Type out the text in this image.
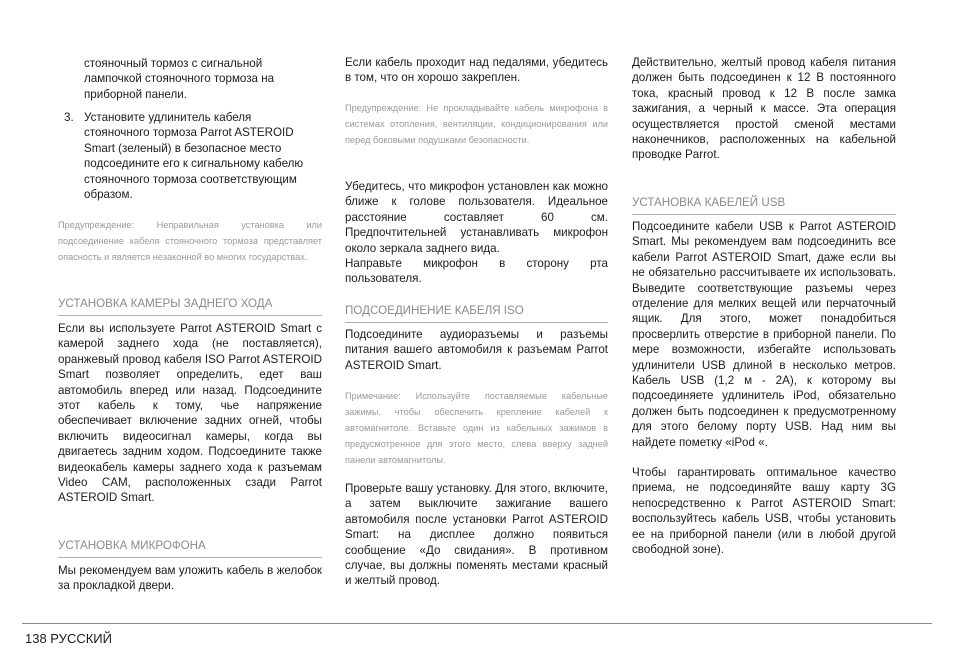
стояночный тормоз с сигнальной лампочкой стояночного тормоза на приборной панели.

3. Установите удлинитель кабеля стояночного тормоза Parrot ASTEROID Smart (зеленый) в безопасное место подсоедините его к сигнальному кабелю стояночного тормоза соответствующим образом.

Предупреждение: Неправильная установка или подсоединение кабеля стояночного тормоза представляет опасность и является незаконной во многих государствах.

УСТАНОВКА КАМЕРЫ ЗАДНЕГО ХОДА

Если вы используете Parrot ASTEROID Smart с камерой заднего хода (не поставляется), оранжевый провод кабеля ISO Parrot ASTEROID Smart позволяет определить, едет ваш автомобиль вперед или назад. Подсоедините этот кабель к тому, чье напряжение обеспечивает включение задних огней, чтобы включить видеосигнал камеры, когда вы двигаетесь задним ходом. Подсоедините также видеокабель камеры заднего хода к разъемам Video CAM, расположенных сзади Parrot ASTEROID Smart.

УСТАНОВКА МИКРОФОНА

Мы рекомендуем вам уложить кабель в желобок за прокладкой двери.

Если кабель проходит над педалями, убедитесь в том, что он хорошо закреплен.

Предупреждение: Не прокладывайте кабель микрофона в системах отопления, вентиляции, кондиционирования или перед боковыми подушками безопасности.

Убедитесь, что микрофон установлен как можно ближе к голове пользователя. Идеальное расстояние составляет 60 см. Предпочтительней устанавливать микрофон около зеркала заднего вида.

Направьте микрофон в сторону рта пользователя.

ПОДСОЕДИНЕНИЕ КАБЕЛЯ ISO

Подсоедините аудиоразъемы и разъемы питания вашего автомобиля к разъемам Parrot ASTEROID Smart.

Примечание: Используйте поставляемые кабельные зажимы, чтобы обеспечить крепление кабелей к автомагнитоле. Вставьте один из кабельных зажимов в предусмотренное для этого место, слева вверху задней панели автомагнитолы.

Проверьте вашу установку. Для этого, включите, а затем выключите зажигание вашего автомобиля после установки Parrot ASTEROID Smart: на дисплее должно появиться сообщение «До свидания». В противном случае, вы должны поменять местами красный и желтый провод.

Действительно, желтый провод кабеля питания должен быть подсоединен к 12 В постоянного тока, красный провод к 12 В после замка зажигания, а черный к массе. Эта операция осуществляется простой сменой местами наконечников, расположенных на кабельной проводке Parrot.

УСТАНОВКА КАБЕЛЕЙ USB

Подсоедините кабели USB к Parrot ASTEROID Smart. Мы рекомендуем вам подсоединить все кабели Parrot ASTEROID Smart, даже если вы не обязательно рассчитываете их использовать. Выведите соответствующие разъемы через отделение для мелких вещей или перчаточный ящик. Для этого, может понадобиться просверлить отверстие в приборной панели. По мере возможности, избегайте использовать удлинители USB длиной в несколько метров. Кабель USB (1,2 м - 2A), к которому вы подсоединяете удлинитель iPod, обязательно должен быть подсоединен к предусмотренному для этого белому порту USB. Над ним вы найдете пометку «iPod «.

Чтобы гарантировать оптимальное качество приема, не подсоединяйте вашу карту 3G непосредственно к Parrot ASTEROID Smart: воспользуйтесь кабель USB, чтобы установить ее на приборной панели (или в любой другой свободной зоне).

138 РУССКИЙ
